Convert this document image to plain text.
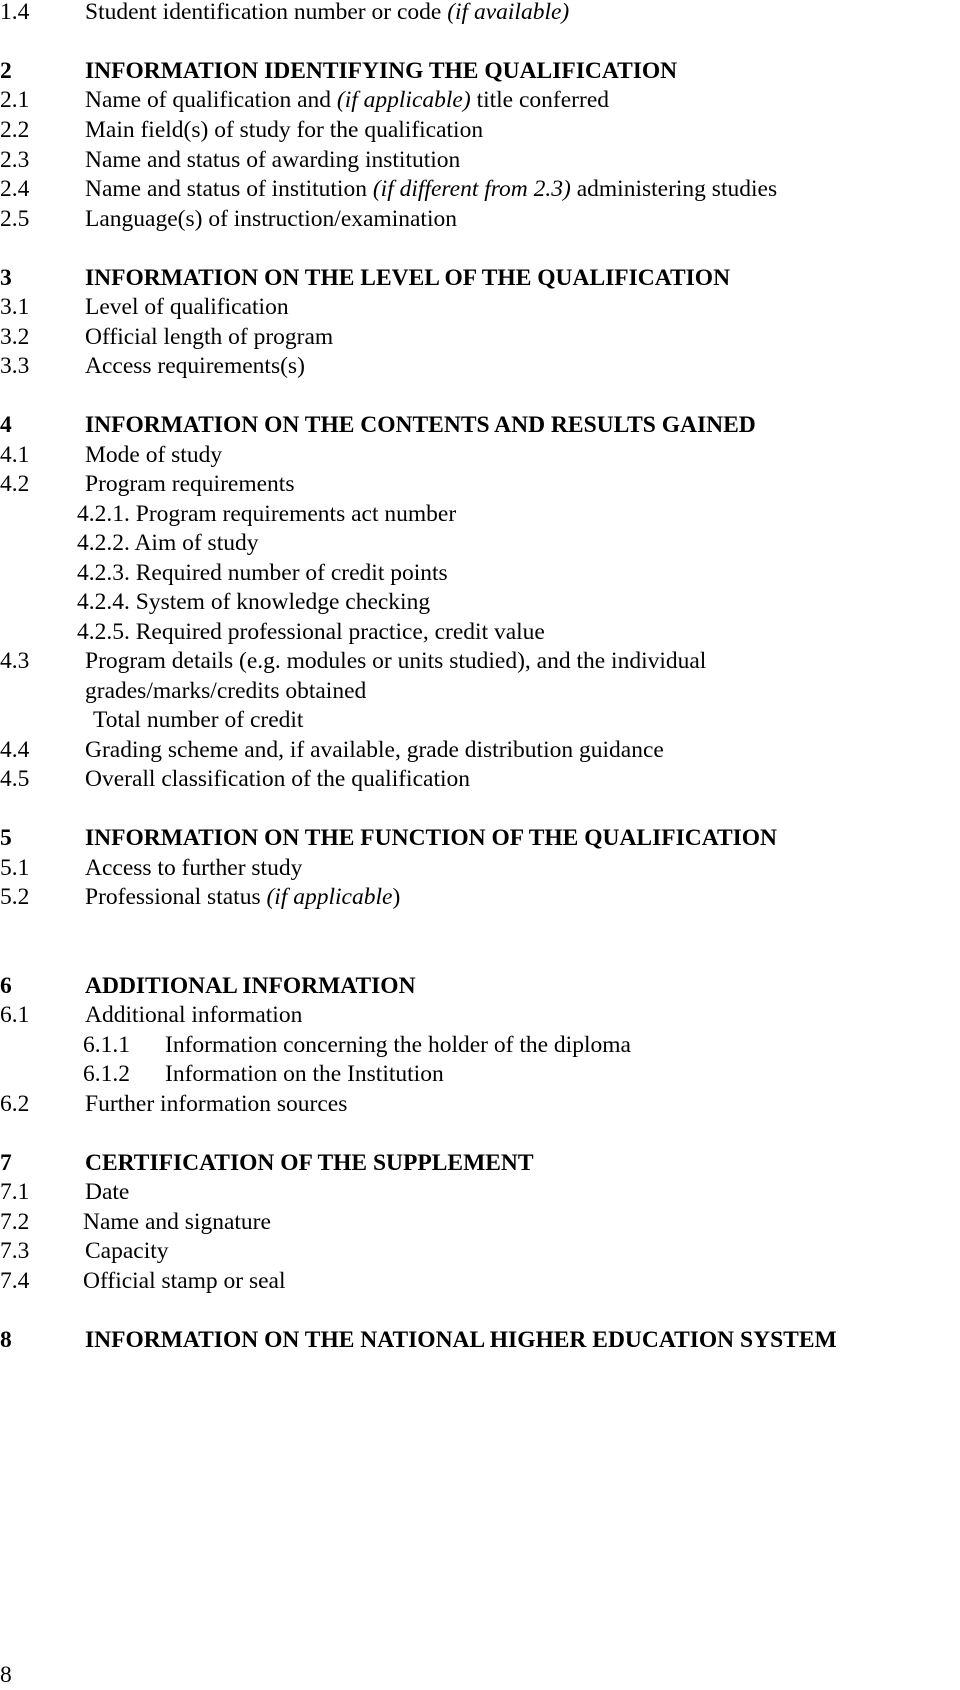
1.4 Student identification number or code (if available)
2	INFORMATION IDENTIFYING THE QUALIFICATION
2.1 Name of qualification and (if applicable) title conferred
2.2 Main field(s) of study for the qualification
2.3 Name and status of awarding institution
2.4 Name and status of institution (if different from 2.3) administering studies
2.5 Language(s) of instruction/examination
3	INFORMATION ON THE LEVEL OF THE QUALIFICATION
3.1 Level of qualification
3.2 Official length of program
3.3 Access requirements(s)
4	INFORMATION ON THE CONTENTS AND RESULTS GAINED
4.1 Mode of study
4.2 Program requirements
4.2.1. Program requirements act number
4.2.2. Aim of study
4.2.3. Required number of credit points
4.2.4. System of knowledge checking
4.2.5. Required professional practice, credit value
4.3 Program details (e.g. modules or units studied), and the individual
grades/marks/credits obtained
Total number of credit
4.4 Grading scheme and, if available, grade distribution guidance
4.5 Overall classification of the qualification
5	INFORMATION ON THE FUNCTION OF THE QUALIFICATION
5.1 Access to further study
5.2 Professional status (if applicable)
6	ADDITIONAL INFORMATION
6.1 Additional information
6.1.1 Information concerning the holder of the diploma
6.1.2 Information on the Institution
6.2 Further information sources
7	CERTIFICATION OF THE SUPPLEMENT
7.1 Date
7.2 Name and signature
7.3 Capacity
7.4 Official stamp or seal
8	INFORMATION ON THE NATIONAL HIGHER EDUCATION SYSTEM
8
